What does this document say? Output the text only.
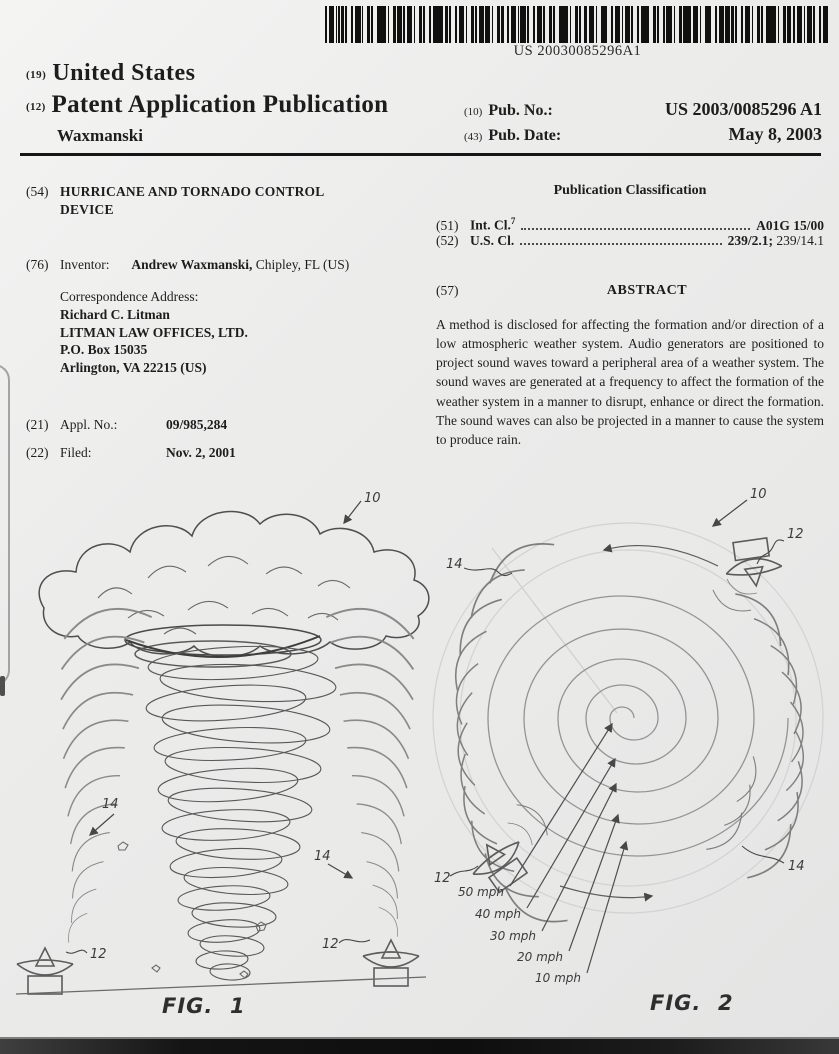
US 20030085296A1
(19) United States
(12) Patent Application Publication
Waxmanski
(10) Pub. No.:	US 2003/0085296 A1
(43) Pub. Date:	May 8, 2003
(54) HURRICANE AND TORNADO CONTROL
DEVICE
(76) Inventor: Andrew Waxmanski, Chipley, FL (US)
Correspondence Address:
Richard C. Litman
LITMAN LAW OFFICES, LTD.
P.O. Box 15035
Arlington, VA 22215 (US)
(21) Appl. No.:	09/985,284
(22) Filed:	Nov. 2, 2001
Publication Classification
(51) Int. Cl.$^7$	A01G 15/00
(52) U.S. Cl.	239/2.1; 239/14.1
(57)	ABSTRACT
A method is disclosed for affecting the formation and/or direction of a low atmospheric weather system. Audio generators are positioned to project sound waves toward a peripheral area of a weather system. The sound waves are generated at a frequency to affect the formation of the weather system in a manner to disrupt, enhance or direct the formation. The sound waves can also be projected in a manner to cause the system to produce rain.
10
14
14
12
12
50 mph
40 mph
30 mph
20 mph
10 mph
10
12
14
14
12
FIG.  1	FIG.  2
